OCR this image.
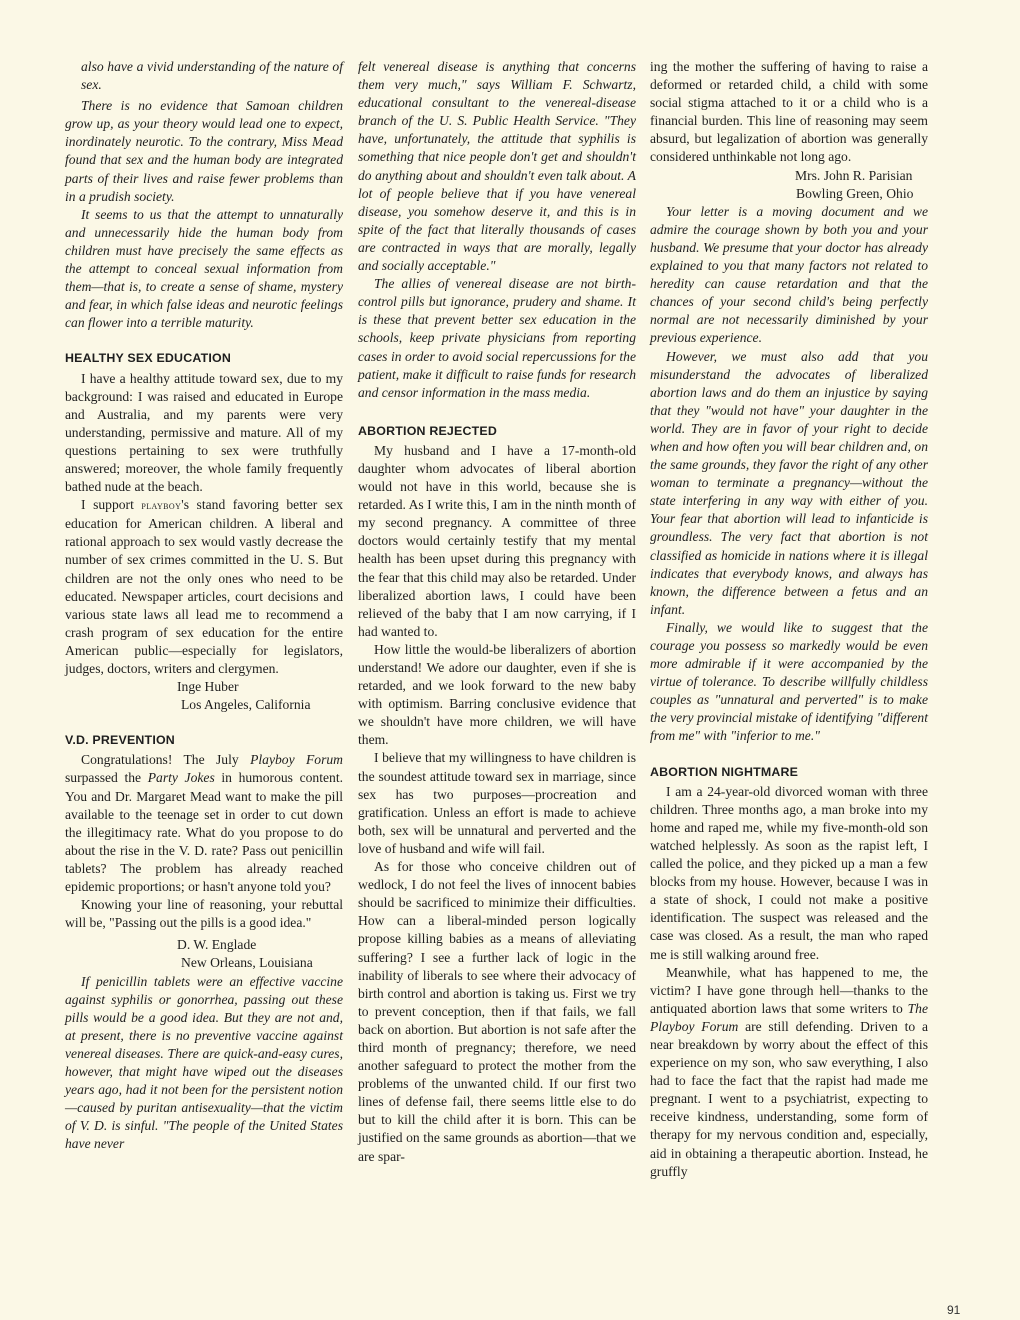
also have a vivid understanding of the nature of sex.

There is no evidence that Samoan children grow up, as your theory would lead one to expect, inordinately neurotic. To the contrary, Miss Mead found that sex and the human body are integrated parts of their lives and raise fewer problems than in a prudish society.

It seems to us that the attempt to unnaturally and unnecessarily hide the human body from children must have precisely the same effects as the attempt to conceal sexual information from them—that is, to create a sense of shame, mystery and fear, in which false ideas and neurotic feelings can flower into a terrible maturity.

HEALTHY SEX EDUCATION

I have a healthy attitude toward sex, due to my background: I was raised and educated in Europe and Australia, and my parents were very understanding, permissive and mature. All of my questions pertaining to sex were truthfully answered; moreover, the whole family frequently bathed nude at the beach.

I support playboy's stand favoring better sex education for American children. A liberal and rational approach to sex would vastly decrease the number of sex crimes committed in the U. S. But children are not the only ones who need to be educated. Newspaper articles, court decisions and various state laws all lead me to recommend a crash program of sex education for the entire American public—especially for legislators, judges, doctors, writers and clergymen.

Inge Huber

Los Angeles, California

V.D. PREVENTION

Congratulations! The July Playboy Forum surpassed the Party Jokes in humorous content. You and Dr. Margaret Mead want to make the pill available to the teenage set in order to cut down the illegitimacy rate. What do you propose to do about the rise in the V. D. rate? Pass out penicillin tablets? The problem has already reached epidemic proportions; or hasn't anyone told you?

Knowing your line of reasoning, your rebuttal will be, "Passing out the pills is a good idea."

D. W. Englade

New Orleans, Louisiana

If penicillin tablets were an effective vaccine against syphilis or gonorrhea, passing out these pills would be a good idea. But they are not and, at present, there is no preventive vaccine against venereal diseases. There are quick-and-easy cures, however, that might have wiped out the diseases years ago, had it not been for the persistent notion—caused by puritan antisexuality—that the victim of V. D. is sinful. "The people of the United States have never

felt venereal disease is anything that concerns them very much," says William F. Schwartz, educational consultant to the venereal-disease branch of the U. S. Public Health Service. "They have, unfortunately, the attitude that syphilis is something that nice people don't get and shouldn't do anything about and shouldn't even talk about. A lot of people believe that if you have venereal disease, you somehow deserve it, and this is in spite of the fact that literally thousands of cases are contracted in ways that are morally, legally and socially acceptable."

The allies of venereal disease are not birth-control pills but ignorance, prudery and shame. It is these that prevent better sex education in the schools, keep private physicians from reporting cases in order to avoid social repercussions for the patient, make it difficult to raise funds for research and censor information in the mass media.

ABORTION REJECTED

My husband and I have a 17-month-old daughter whom advocates of liberal abortion would not have in this world, because she is retarded. As I write this, I am in the ninth month of my second pregnancy. A committee of three doctors would certainly testify that my mental health has been upset during this pregnancy with the fear that this child may also be retarded. Under liberalized abortion laws, I could have been relieved of the baby that I am now carrying, if I had wanted to.

How little the would-be liberalizers of abortion understand! We adore our daughter, even if she is retarded, and we look forward to the new baby with optimism. Barring conclusive evidence that we shouldn't have more children, we will have them.

I believe that my willingness to have children is the soundest attitude toward sex in marriage, since sex has two purposes—procreation and gratification. Unless an effort is made to achieve both, sex will be unnatural and perverted and the love of husband and wife will fail.

As for those who conceive children out of wedlock, I do not feel the lives of innocent babies should be sacrificed to minimize their difficulties. How can a liberal-minded person logically propose killing babies as a means of alleviating suffering? I see a further lack of logic in the inability of liberals to see where their advocacy of birth control and abortion is taking us. First we try to prevent conception, then if that fails, we fall back on abortion. But abortion is not safe after the third month of pregnancy; therefore, we need another safeguard to protect the mother from the problems of the unwanted child. If our first two lines of defense fail, there seems little else to do but to kill the child after it is born. This can be justified on the same grounds as abortion—that we are spar-

ing the mother the suffering of having to raise a deformed or retarded child, a child with some social stigma attached to it or a child who is a financial burden. This line of reasoning may seem absurd, but legalization of abortion was generally considered unthinkable not long ago.

Mrs. John R. Parisian

Bowling Green, Ohio

Your letter is a moving document and we admire the courage shown by both you and your husband. We presume that your doctor has already explained to you that many factors not related to heredity can cause retardation and that the chances of your second child's being perfectly normal are not necessarily diminished by your previous experience.

However, we must also add that you misunderstand the advocates of liberalized abortion laws and do them an injustice by saying that they "would not have" your daughter in the world. They are in favor of your right to decide when and how often you will bear children and, on the same grounds, they favor the right of any other woman to terminate a pregnancy—without the state interfering in any way with either of you. Your fear that abortion will lead to infanticide is groundless. The very fact that abortion is not classified as homicide in nations where it is illegal indicates that everybody knows, and always has known, the difference between a fetus and an infant.

Finally, we would like to suggest that the courage you possess so markedly would be even more admirable if it were accompanied by the virtue of tolerance. To describe willfully childless couples as "unnatural and perverted" is to make the very provincial mistake of identifying "different from me" with "inferior to me."

ABORTION NIGHTMARE

I am a 24-year-old divorced woman with three children. Three months ago, a man broke into my home and raped me, while my five-month-old son watched helplessly. As soon as the rapist left, I called the police, and they picked up a man a few blocks from my house. However, because I was in a state of shock, I could not make a positive identification. The suspect was released and the case was closed. As a result, the man who raped me is still walking around free.

Meanwhile, what has happened to me, the victim? I have gone through hell—thanks to the antiquated abortion laws that some writers to The Playboy Forum are still defending. Driven to a near breakdown by worry about the effect of this experience on my son, who saw everything, I also had to face the fact that the rapist had made me pregnant. I went to a psychiatrist, expecting to receive kindness, understanding, some form of therapy for my nervous condition and, especially, aid in obtaining a therapeutic abortion. Instead, he gruffly

91
